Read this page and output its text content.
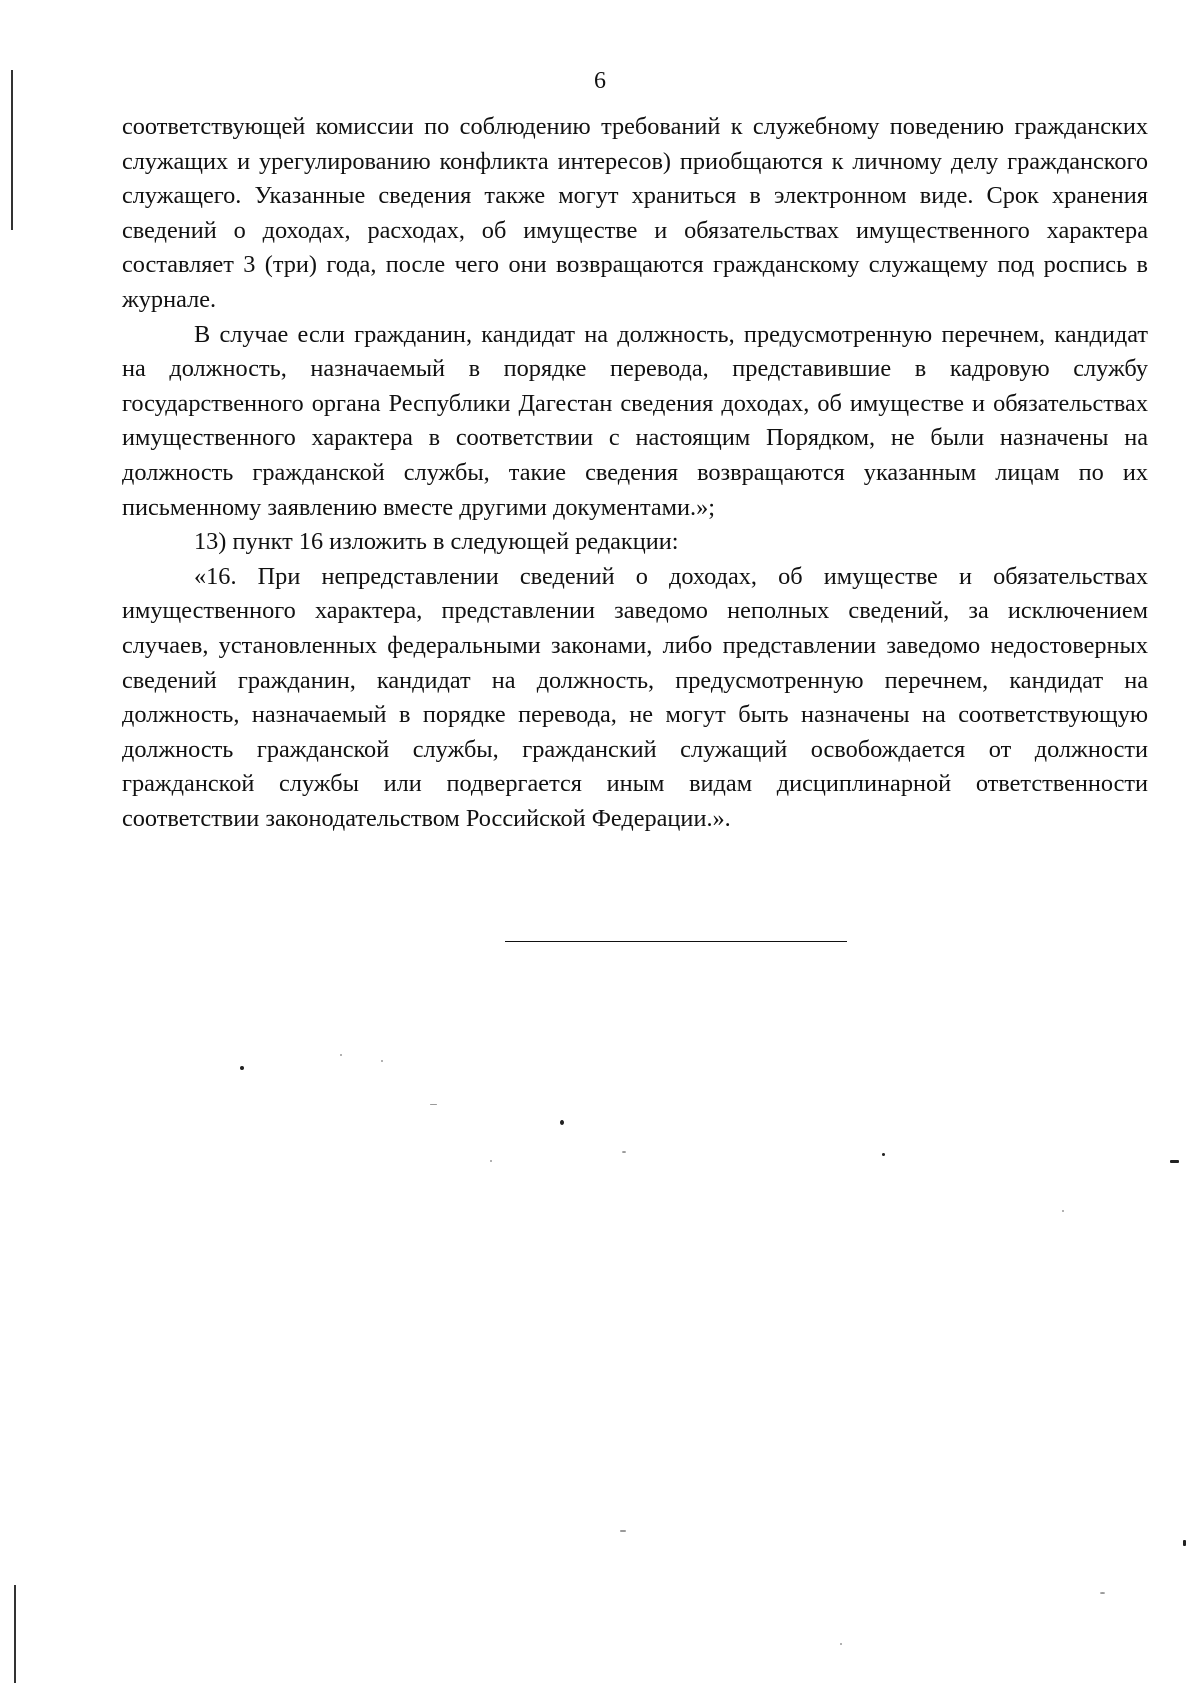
6

соответствующей комиссии по соблюдению требований к служебному поведению гражданских служащих и урегулированию конфликта интересов) приобщаются к личному делу гражданского служащего. Указанные сведения также могут храниться в электронном виде. Срок хранения сведений о доходах, расходах, об имуществе и обязательствах имущественного характера составляет 3 (три) года, после чего они возвращаются гражданскому служащему под роспись в журнале.

В случае если гражданин, кандидат на должность, предусмотренную перечнем, кандидат на должность, назначаемый в порядке перевода, представившие в кадровую службу государственного органа Республики Дагестан сведения доходах, об имуществе и обязательствах имущественного характера в соответствии с настоящим Порядком, не были назначены на должность гражданской службы, такие сведения возвращаются указанным лицам по их письменному заявлению вместе другими документами.»;

13) пункт 16 изложить в следующей редакции:

«16. При непредставлении сведений о доходах, об имуществе и обязательствах имущественного характера, представлении заведомо неполных сведений, за исключением случаев, установленных федеральными законами, либо представлении заведомо недостоверных сведений гражданин, кандидат на должность, предусмотренную перечнем, кандидат на должность, назначаемый в порядке перевода, не могут быть назначены на соответствующую должность гражданской службы, гражданский служащий освобождается от должности гражданской службы или подвергается иным видам дисциплинарной ответственности соответствии законодательством Российской Федерации.».
